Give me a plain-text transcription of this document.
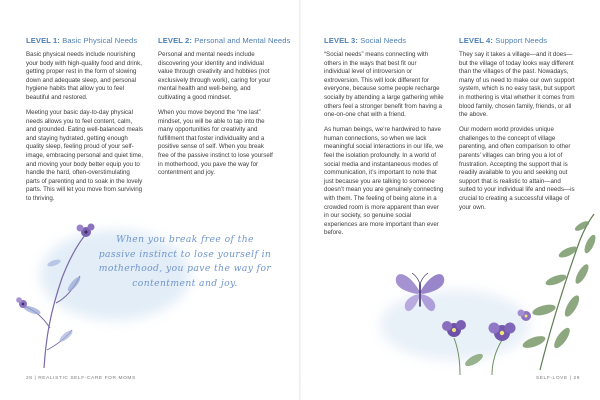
LEVEL 1: Basic Physical Needs

Basic physical needs include nourishing your body with high-quality food and drink, getting proper rest in the form of slowing down and adequate sleep, and personal hygiene habits that allow you to feel beautiful and restored.

Meeting your basic day-to-day physical needs allows you to feel content, calm, and grounded. Eating well-balanced meals and staying hydrated, getting enough quality sleep, feeling proud of your self-image, embracing personal and quiet time, and moving your body better equip you to handle the hard, often-overstimulating parts of parenting and to soak in the lovely parts. This will let you move from surviving to thriving.

LEVEL 2: Personal and Mental Needs

Personal and mental needs include discovering your identity and individual value through creativity and hobbies (not exclusively through work), caring for your mental health and well-being, and cultivating a good mindset.

When you move beyond the “me last” mindset, you will be able to tap into the many opportunities for creativity and fulfillment that foster individuality and a positive sense of self. When you break free of the passive instinct to lose yourself in motherhood, you pave the way for contentment and joy.

LEVEL 3: Social Needs

“Social needs” means connecting with others in the ways that best fit our individual level of introversion or extroversion. This will look different for everyone, because some people recharge socially by attending a large gathering while others feel a stronger benefit from having a one-on-one chat with a friend.

As human beings, we’re hardwired to have human connections, so when we lack meaningful social interactions in our life, we feel the isolation profoundly. In a world of social media and instantaneous modes of communication, it’s important to note that just because you are talking to someone doesn’t mean you are genuinely connecting with them. The feeling of being alone in a crowded room is more apparent than ever in our society, so genuine social experiences are more important than ever before.

LEVEL 4: Support Needs

They say it takes a village—and it does—but the village of today looks way different than the villages of the past. Nowadays, many of us need to make our own support system, which is no easy task, but support in mothering is vital whether it comes from blood family, chosen family, friends, or all the above.

Our modern world provides unique challenges to the concept of village parenting, and often comparison to other parents’ villages can bring you a lot of frustration. Accepting the support that is readily available to you and seeking out support that is realistic to attain—and suited to your individual life and needs—is crucial to creating a successful village of your own.

When you break free of the passive instinct to lose yourself in motherhood, you pave the way for contentment and joy.
28 | REALISTIC SELF-CARE FOR MOMS	SELF-LOVE | 29
